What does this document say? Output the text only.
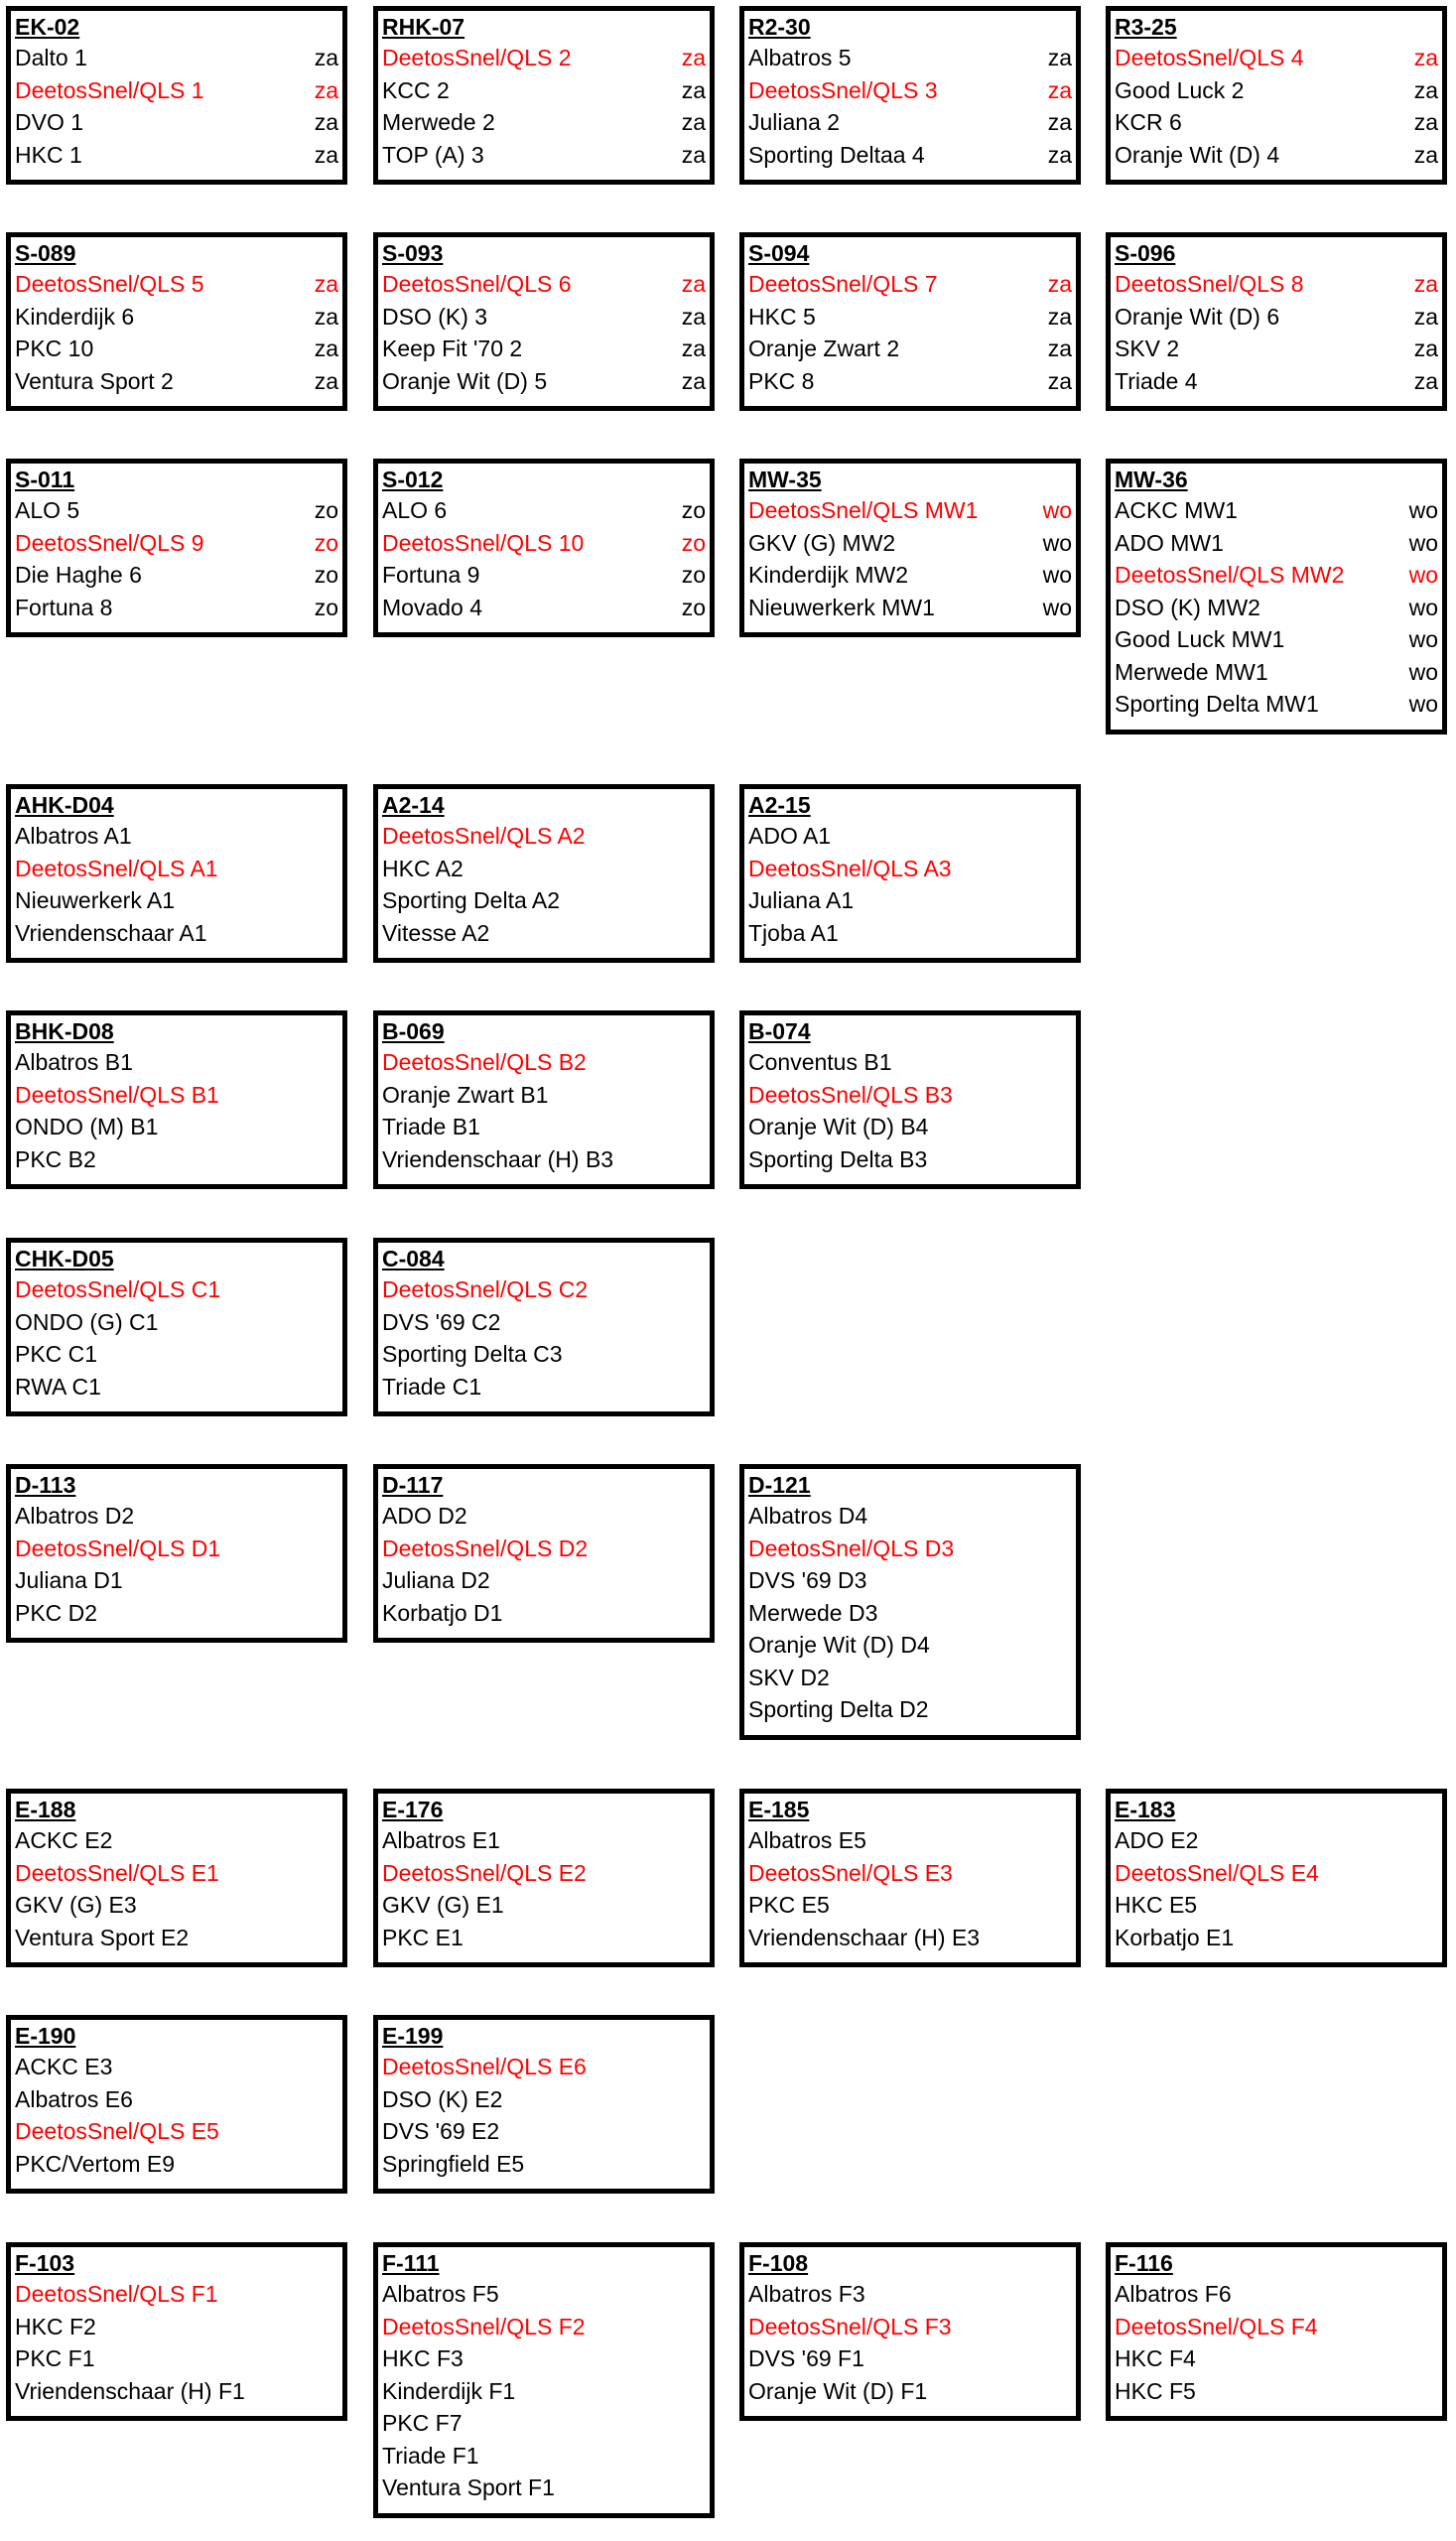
EK-02
Dalto 1	za
DeetosSnel/QLS 1	za
DVO 1	za
HKC 1	za
RHK-07
DeetosSnel/QLS 2	za
KCC 2	za
Merwede 2	za
TOP (A) 3	za
R2-30
Albatros 5	za
DeetosSnel/QLS 3	za
Juliana 2	za
Sporting Deltaa 4	za
R3-25
DeetosSnel/QLS 4	za
Good Luck 2	za
KCR 6	za
Oranje Wit (D) 4	za
S-089
DeetosSnel/QLS 5	za
Kinderdijk 6	za
PKC 10	za
Ventura Sport 2	za
S-093
DeetosSnel/QLS 6	za
DSO (K) 3	za
Keep Fit '70 2	za
Oranje Wit (D) 5	za
S-094
DeetosSnel/QLS 7	za
HKC 5	za
Oranje Zwart 2	za
PKC 8	za
S-096
DeetosSnel/QLS 8	za
Oranje Wit (D) 6	za
SKV 2	za
Triade 4	za
S-011
ALO 5	zo
DeetosSnel/QLS 9	zo
Die Haghe 6	zo
Fortuna 8	zo
S-012
ALO 6	zo
DeetosSnel/QLS 10	zo
Fortuna 9	zo
Movado 4	zo
MW-35
DeetosSnel/QLS MW1	wo
GKV (G) MW2	wo
Kinderdijk MW2	wo
Nieuwerkerk MW1	wo
MW-36
ACKC MW1	wo
ADO MW1	wo
DeetosSnel/QLS MW2	wo
DSO (K) MW2	wo
Good Luck MW1	wo
Merwede MW1	wo
Sporting Delta MW1	wo
AHK-D04
Albatros A1
DeetosSnel/QLS A1
Nieuwerkerk A1
Vriendenschaar A1
A2-14
DeetosSnel/QLS A2
HKC A2
Sporting Delta A2
Vitesse A2
A2-15
ADO A1
DeetosSnel/QLS A3
Juliana A1
Tjoba A1
BHK-D08
Albatros B1
DeetosSnel/QLS B1
ONDO (M) B1
PKC B2
B-069
DeetosSnel/QLS B2
Oranje Zwart B1
Triade B1
Vriendenschaar (H) B3
B-074
Conventus B1
DeetosSnel/QLS B3
Oranje Wit (D) B4
Sporting Delta B3
CHK-D05
DeetosSnel/QLS C1
ONDO (G) C1
PKC C1
RWA C1
C-084
DeetosSnel/QLS C2
DVS '69 C2
Sporting Delta C3
Triade C1
D-113
Albatros D2
DeetosSnel/QLS D1
Juliana D1
PKC D2
D-117
ADO D2
DeetosSnel/QLS D2
Juliana D2
Korbatjo D1
D-121
Albatros D4
DeetosSnel/QLS D3
DVS '69 D3
Merwede D3
Oranje Wit (D) D4
SKV D2
Sporting Delta D2
E-188
ACKC E2
DeetosSnel/QLS E1
GKV (G) E3
Ventura Sport E2
E-176
Albatros E1
DeetosSnel/QLS E2
GKV (G) E1
PKC E1
E-185
Albatros E5
DeetosSnel/QLS E3
PKC E5
Vriendenschaar (H) E3
E-183
ADO E2
DeetosSnel/QLS E4
HKC E5
Korbatjo E1
E-190
ACKC E3
Albatros E6
DeetosSnel/QLS E5
PKC/Vertom E9
E-199
DeetosSnel/QLS E6
DSO (K) E2
DVS '69 E2
Springfield E5
F-103
DeetosSnel/QLS F1
HKC F2
PKC F1
Vriendenschaar (H) F1
F-111
Albatros F5
DeetosSnel/QLS F2
HKC F3
Kinderdijk F1
PKC F7
Triade F1
Ventura Sport F1
F-108
Albatros F3
DeetosSnel/QLS F3
DVS '69 F1
Oranje Wit (D) F1
F-116
Albatros F6
DeetosSnel/QLS F4
HKC F4
HKC F5
